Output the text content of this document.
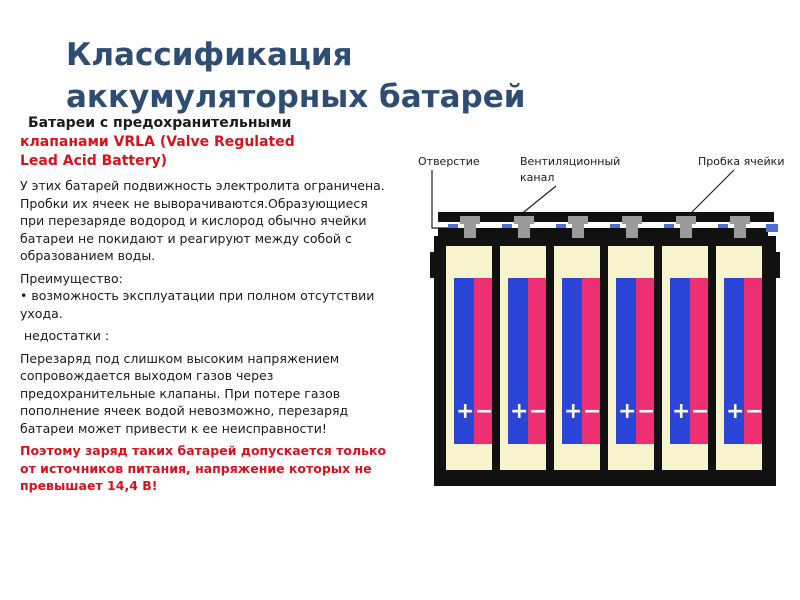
Классификация
аккумуляторных батарей

Батареи с предохранительными
клапанами VRLA (Valve Regulated
Lead Acid Battery)

У этих батарей подвижность электролита ограничена. Пробки их ячеек не выворачиваются.Образующиеся при перезаряде водород и кислород обычно ячейки батареи не покидают и реагируют между собой с образованием воды.

Преимущество:

• возможность эксплуатации при полном отсутствии ухода.

недостатки :

Перезаряд под слишком высоким напряжением сопровождается выходом газов через предохранительные клапаны. При потере газов

пополнение ячеек водой невозможно, перезаряд батареи может привести к ее неисправности!

Поэтому заряд таких батарей допускается только от источников питания, напряжение которых не превышает 14,4 В!

Отверстие	Вентиляционный
канал
Пробка ячейки
+ − + − + − + − + − + −
